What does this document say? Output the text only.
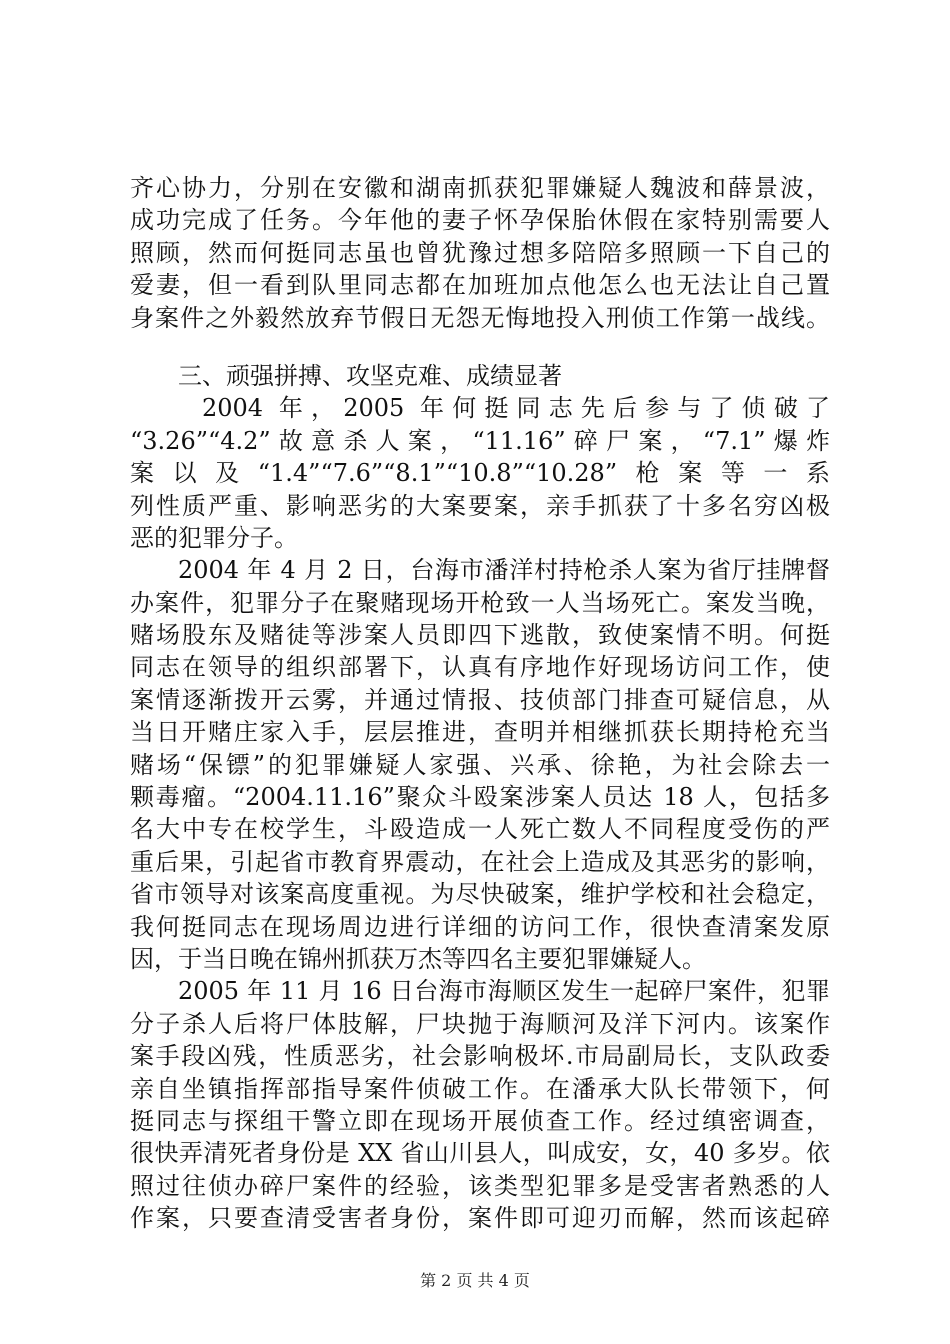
齐心协力，分别在安徽和湖南抓获犯罪嫌疑人魏波和薛景波，
成功完成了任务。今年他的妻子怀孕保胎休假在家特别需要人
照顾，然而何挺同志虽也曾犹豫过想多陪陪多照顾一下自己的
爱妻，但一看到队里同志都在加班加点他怎么也无法让自己置
身案件之外毅然放弃节假日无怨无悔地投入刑侦工作第一战线。
三、顽强拼搏、攻坚克难、成绩显著
2004 年，2005 年何挺同志先后参与了侦破了
“3.26”“4.2”故意杀人案，“11.16”碎尸案，“7.1”爆炸
案以及“1.4”“7.6”“8.1”“10.8”“10.28”枪案等一系
列性质严重、影响恶劣的大案要案，亲手抓获了十多名穷凶极
恶的犯罪分子。
2004 年 4 月 2 日，台海市潘洋村持枪杀人案为省厅挂牌督
办案件，犯罪分子在聚赌现场开枪致一人当场死亡。案发当晚，
赌场股东及赌徒等涉案人员即四下逃散，致使案情不明。何挺
同志在领导的组织部署下，认真有序地作好现场访问工作，使
案情逐渐拨开云雾，并通过情报、技侦部门排查可疑信息，从
当日开赌庄家入手，层层推进，查明并相继抓获长期持枪充当
赌场“保镖”的犯罪嫌疑人家强、兴承、徐艳，为社会除去一
颗毒瘤。“2004.11.16”聚众斗殴案涉案人员达 18 人，包括多
名大中专在校学生，斗殴造成一人死亡数人不同程度受伤的严
重后果，引起省市教育界震动，在社会上造成及其恶劣的影响，
省市领导对该案高度重视。为尽快破案，维护学校和社会稳定，
我何挺同志在现场周边进行详细的访问工作，很快查清案发原
因，于当日晚在锦州抓获万杰等四名主要犯罪嫌疑人。
2005 年 11 月 16 日台海市海顺区发生一起碎尸案件，犯罪
分子杀人后将尸体肢解，尸块抛于海顺河及洋下河内。该案作
案手段凶残，性质恶劣，社会影响极坏.市局副局长，支队政委
亲自坐镇指挥部指导案件侦破工作。在潘承大队长带领下，何
挺同志与探组干警立即在现场开展侦查工作。经过缜密调查，
很快弄清死者身份是 XX 省山川县人，叫成安，女，40 多岁。依
照过往侦办碎尸案件的经验，该类型犯罪多是受害者熟悉的人
作案，只要查清受害者身份，案件即可迎刃而解，然而该起碎
第 2 页 共 4 页
